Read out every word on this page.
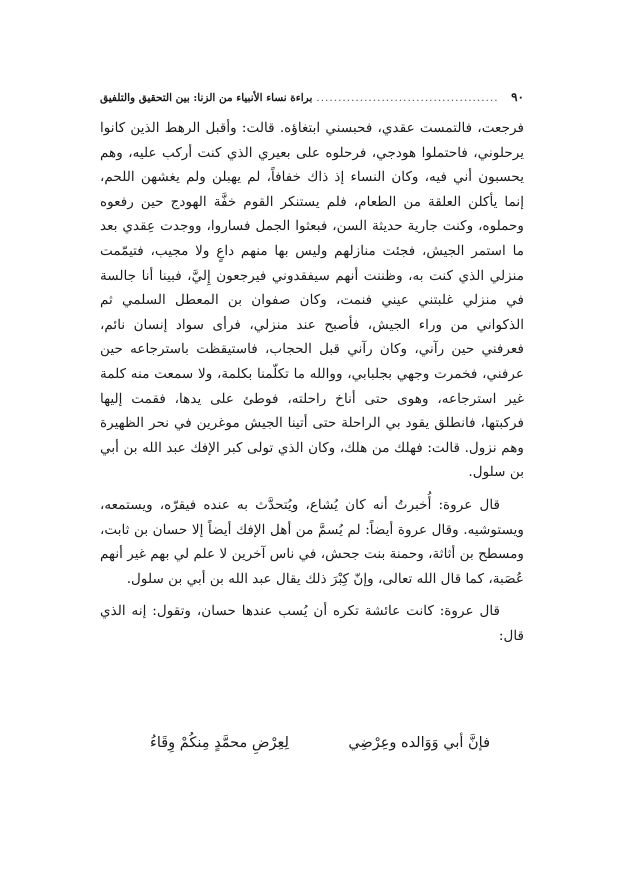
٩٠
..........................................
براءة نساء الأنبياء من الزنا: بين التحقيق والتلفيق

فرجعت، فالتمست عقدي، فحبسني ابتغاؤه. قالت: وأقبل الرهط الذين كانوا يرحلوني، فاحتملوا هودجي، فرحلوه على بعيري الذي كنت أركب عليه، وهم يحسبون أني فيه، وكان النساء إذ ذاك خفافاً، لم يهبلن ولم يغشهن اللحم، إنما يأكلن العلقة من الطعام، فلم يستنكر القوم خفَّة الهودج حين رفعوه وحملوه، وكنت جارية حديثة السن، فبعثوا الجمل فساروا، ووجدت عِقدي بعد ما استمر الجيش، فجئت منازلهم وليس بها منهم داعٍ ولا مجيب، فتيمّمت منزلي الذي كنت به، وظننت أنهم سيفقدوني فيرجعون إِليَّ، فبينا أنا جالسة في منزلي غلبتني عيني فنمت، وكان صفوان بن المعطل السلمي ثم الذكواني من وراء الجيش، فأصبح عند منزلي، فرأى سواد إنسان نائم، فعرفني حين رآني، وكان رآني قبل الحجاب، فاستيقظت باسترجاعه حين عرفني، فخمرت وجهي بجلبابي، ووالله ما تكلّمنا بكلمة، ولا سمعت منه كلمة غير استرجاعه، وهوى حتى أناخ راحلته، فوطئ على يدها، فقمت إليها فركبتها، فانطلق يقود بي الراحلة حتى أتينا الجيش موغرين في نحر الظهيرة وهم نزول. قالت: فهلك من هلك، وكان الذي تولى كبر الإفك عبد الله بن أبي بن سلول.

قال عروة: أُخبرتُ أنه كان يُشاع، ويُتحدَّث به عنده فيقرّه، ويستمعه، ويستوشيه. وقال عروة أيضاً: لم يُسمَّ من أهل الإفك أيضاً إلا حسان بن ثابت، ومسطح بن أثاثة، وحمنة بنت جحش، في ناس آخرين لا علم لي بهم غير أنهم عُصَبة، كما قال الله تعالى، وإنّ كِبْرَ ذلك يقال عبد الله بن أبي بن سلول.

قال عروة: كانت عائشة تكره أن يُسب عندها حسان، وتقول: إنه الذي قال:

فإنَّ أبي وَوَالده وعِرْضِي
لِعِرْضِ محمَّدٍ مِنكُمْ وِقَاءُ
